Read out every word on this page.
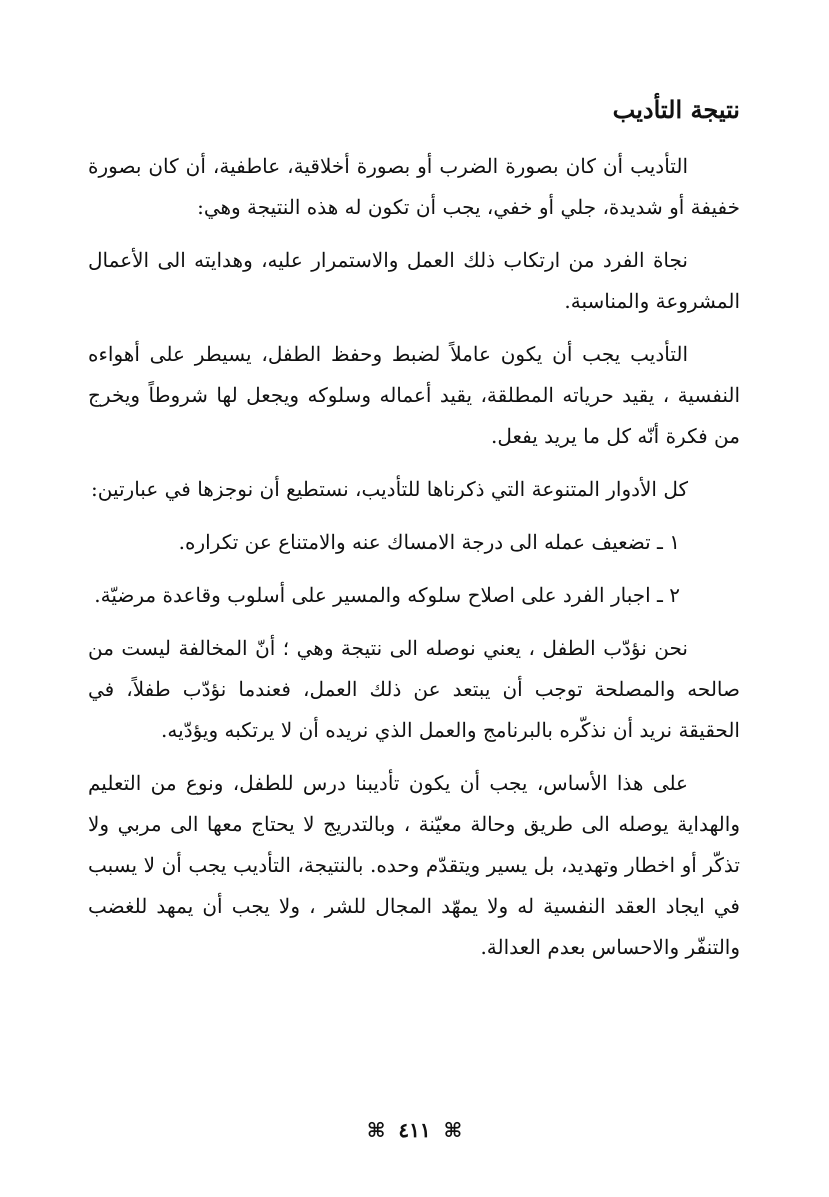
نتيجة التأديب

التأديب أن كان بصورة الضرب أو بصورة أخلاقية، عاطفية، أن كان بصورة خفيفة أو شديدة، جلي أو خفي، يجب أن تكون له هذه النتيجة وهي:

نجاة الفرد من ارتكاب ذلك العمل والاستمرار عليه، وهدايته الى الأعمال المشروعة والمناسبة.

التأديب يجب أن يكون عاملاً لضبط وحفظ الطفل، يسيطر على أهواءه النفسية ، يقيد حرياته المطلقة، يقيد أعماله وسلوكه ويجعل لها شروطاً ويخرج من فكرة أنّه كل ما يريد يفعل.

كل الأدوار المتنوعة التي ذكرناها للتأديب، نستطيع أن نوجزها في عبارتين:

١ ـ تضعيف عمله الى درجة الامساك عنه والامتناع عن تكراره.

٢ ـ اجبار الفرد على اصلاح سلوكه والمسير على أسلوب وقاعدة مرضيّة.

نحن نؤدّب الطفل ، يعني نوصله الى نتيجة وهي ؛ أنّ المخالفة ليست من صالحه والمصلحة توجب أن يبتعد عن ذلك العمل، فعندما نؤدّب طفلاً، في الحقيقة نريد أن نذكّره بالبرنامج والعمل الذي نريده أن لا يرتكبه ويؤدّيه.

على هذا الأساس، يجب أن يكون تأديبنا درس للطفل، ونوع من التعليم والهداية يوصله الى طريق وحالة معيّنة ، وبالتدريج لا يحتاج معها الى مربي ولا تذكّر أو اخطار وتهديد، بل يسير ويتقدّم وحده. بالنتيجة، التأديب يجب أن لا يسبب في ايجاد العقد النفسية له ولا يمهّد المجال للشر ، ولا يجب أن يمهد للغضب والتنفّر والاحساس بعدم العدالة.

⌘ ٤١١ ⌘
